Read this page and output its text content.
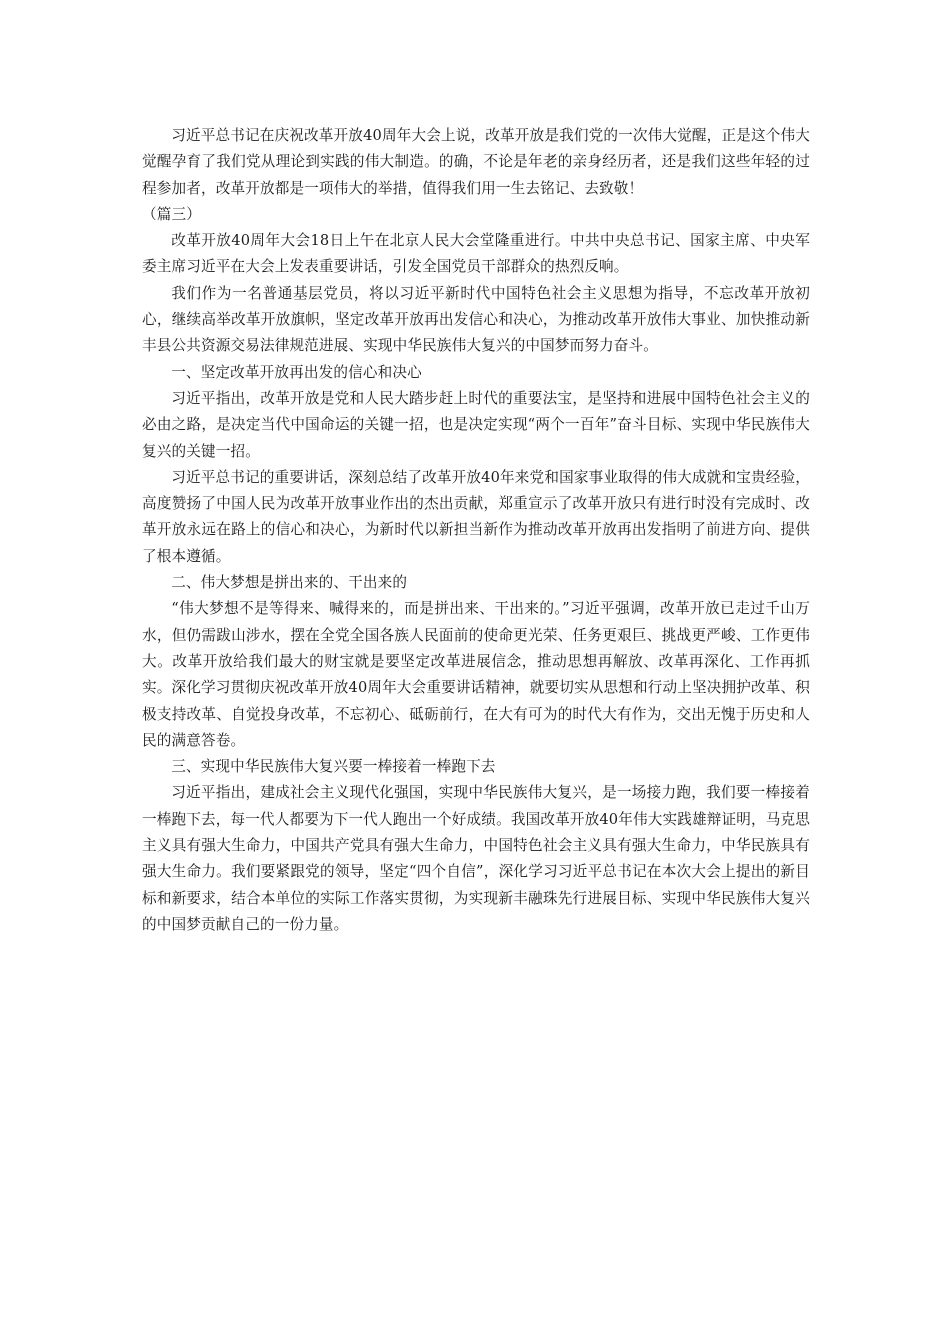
习近平总书记在庆祝改革开放40周年大会上说，改革开放是我们党的一次伟大觉醒，正是这个伟大觉醒孕育了我们党从理论到实践的伟大制造。的确，不论是年老的亲身经历者，还是我们这些年轻的过程参加者，改革开放都是一项伟大的举措，值得我们用一生去铭记、去致敬！

（篇三）

改革开放40周年大会18日上午在北京人民大会堂隆重进行。中共中央总书记、国家主席、中央军委主席习近平在大会上发表重要讲话，引发全国党员干部群众的热烈反响。

我们作为一名普通基层党员，将以习近平新时代中国特色社会主义思想为指导，不忘改革开放初心，继续高举改革开放旗帜，坚定改革开放再出发信心和决心，为推动改革开放伟大事业、加快推动新丰县公共资源交易法律规范进展、实现中华民族伟大复兴的中国梦而努力奋斗。

一、坚定改革开放再出发的信心和决心

习近平指出，改革开放是党和人民大踏步赶上时代的重要法宝，是坚持和进展中国特色社会主义的必由之路，是决定当代中国命运的关键一招，也是决定实现“两个一百年”奋斗目标、实现中华民族伟大复兴的关键一招。

习近平总书记的重要讲话，深刻总结了改革开放40年来党和国家事业取得的伟大成就和宝贵经验，高度赞扬了中国人民为改革开放事业作出的杰出贡献，郑重宣示了改革开放只有进行时没有完成时、改革开放永远在路上的信心和决心，为新时代以新担当新作为推动改革开放再出发指明了前进方向、提供了根本遵循。

二、伟大梦想是拼出来的、干出来的

“伟大梦想不是等得来、喊得来的，而是拼出来、干出来的。”习近平强调，改革开放已走过千山万水，但仍需跋山涉水，摆在全党全国各族人民面前的使命更光荣、任务更艰巨、挑战更严峻、工作更伟大。改革开放给我们最大的财宝就是要坚定改革进展信念，推动思想再解放、改革再深化、工作再抓实。深化学习贯彻庆祝改革开放40周年大会重要讲话精神，就要切实从思想和行动上坚决拥护改革、积极支持改革、自觉投身改革，不忘初心、砥砺前行，在大有可为的时代大有作为，交出无愧于历史和人民的满意答卷。

三、实现中华民族伟大复兴要一棒接着一棒跑下去

习近平指出，建成社会主义现代化强国，实现中华民族伟大复兴，是一场接力跑，我们要一棒接着一棒跑下去，每一代人都要为下一代人跑出一个好成绩。我国改革开放40年伟大实践雄辩证明，马克思主义具有强大生命力，中国共产党具有强大生命力，中国特色社会主义具有强大生命力，中华民族具有强大生命力。我们要紧跟党的领导，坚定“四个自信”，深化学习习近平总书记在本次大会上提出的新目标和新要求，结合本单位的实际工作落实贯彻，为实现新丰融珠先行进展目标、实现中华民族伟大复兴的中国梦贡献自己的一份力量。
